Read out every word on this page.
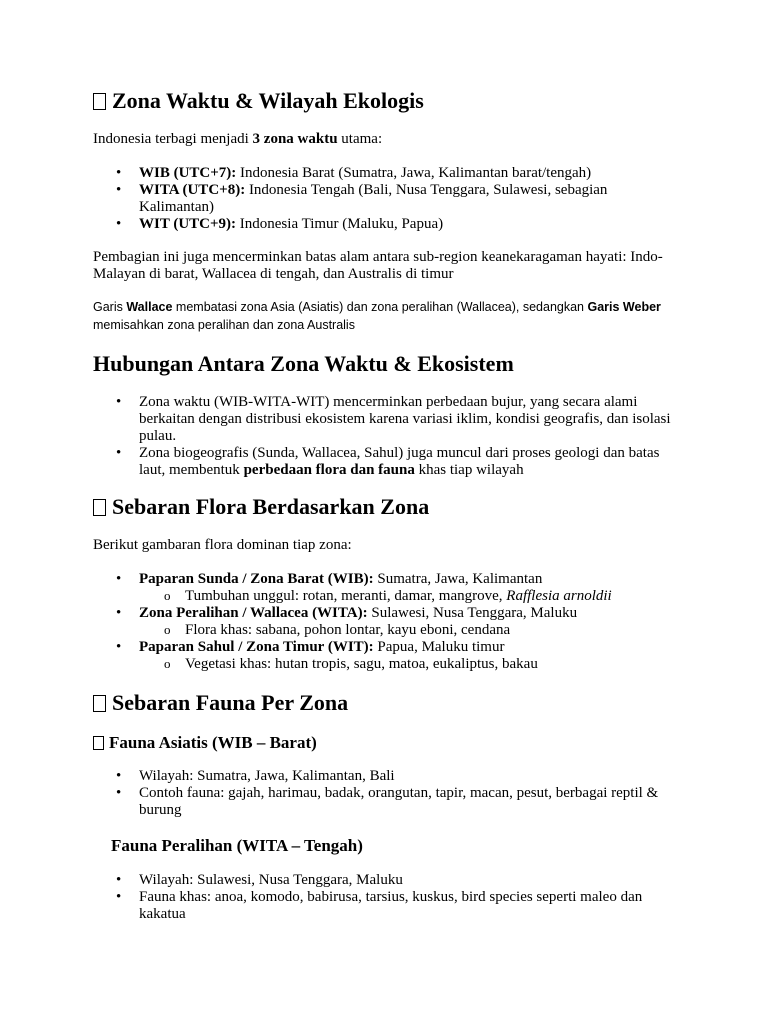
Zona Waktu & Wilayah Ekologis

Indonesia terbagi menjadi 3 zona waktu utama:

• WIB (UTC+7): Indonesia Barat (Sumatra, Jawa, Kalimantan barat/tengah)
• WITA (UTC+8): Indonesia Tengah (Bali, Nusa Tenggara, Sulawesi, sebagian Kalimantan)
• WIT (UTC+9): Indonesia Timur (Maluku, Papua)

Pembagian ini juga mencerminkan batas alam antara sub-region keanekaragaman hayati: Indo-Malayan di barat, Wallacea di tengah, dan Australis di timur

Garis Wallace membatasi zona Asia (Asiatis) dan zona peralihan (Wallacea), sedangkan Garis Weber memisahkan zona peralihan dan zona Australis

Hubungan Antara Zona Waktu & Ekosistem
• Zona waktu (WIB-WITA-WIT) mencerminkan perbedaan bujur, yang secara alami berkaitan dengan distribusi ekosistem karena variasi iklim, kondisi geografis, dan isolasi pulau.
• Zona biogeografis (Sunda, Wallacea, Sahul) juga muncul dari proses geologi dan batas laut, membentuk perbedaan flora dan fauna khas tiap wilayah
Sebaran Flora Berdasarkan Zona

Berikut gambaran flora dominan tiap zona:

• Paparan Sunda / Zona Barat (WIB): Sumatra, Jawa, Kalimantan
o Tumbuhan unggul: rotan, meranti, damar, mangrove, Rafflesia arnoldii
• Zona Peralihan / Wallacea (WITA): Sulawesi, Nusa Tenggara, Maluku
o Flora khas: sabana, pohon lontar, kayu eboni, cendana
• Paparan Sahul / Zona Timur (WIT): Papua, Maluku timur
o Vegetasi khas: hutan tropis, sagu, matoa, eukaliptus, bakau
Sebaran Fauna Per Zona
Fauna Asiatis (WIB – Barat)
• Wilayah: Sumatra, Jawa, Kalimantan, Bali
• Contoh fauna: gajah, harimau, badak, orangutan, tapir, macan, pesut, berbagai reptil & burung
Fauna Peralihan (WITA – Tengah)
• Wilayah: Sulawesi, Nusa Tenggara, Maluku
• Fauna khas: anoa, komodo, babirusa, tarsius, kuskus, bird species seperti maleo dan kakatua
